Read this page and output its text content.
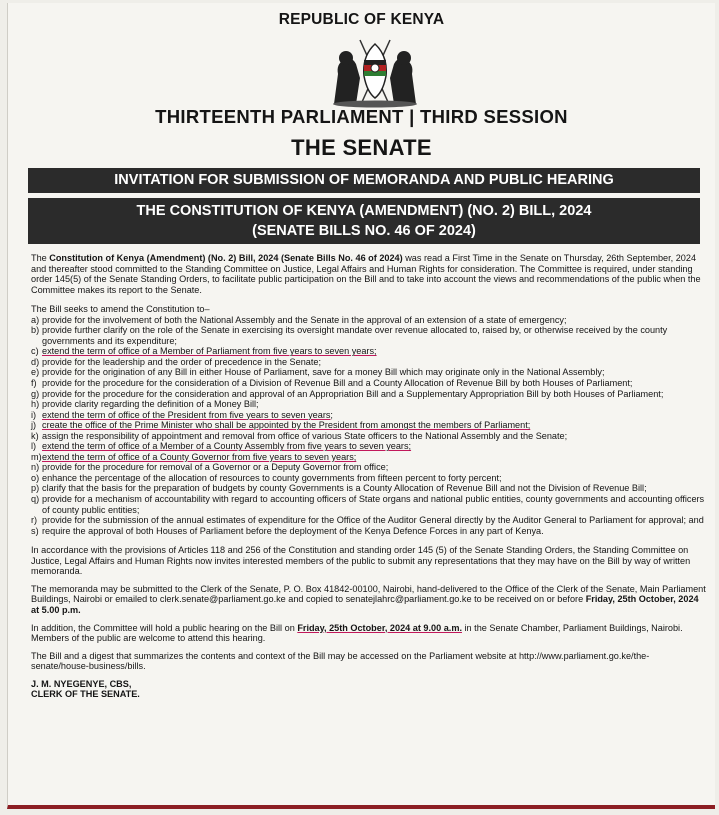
REPUBLIC OF KENYA
THIRTEENTH PARLIAMENT | THIRD SESSION
THE SENATE
INVITATION FOR SUBMISSION OF MEMORANDA AND PUBLIC HEARING
THE CONSTITUTION OF KENYA (AMENDMENT) (NO. 2) BILL, 2024
(SENATE BILLS NO. 46 OF 2024)

The Constitution of Kenya (Amendment) (No. 2) Bill, 2024 (Senate Bills No. 46 of 2024) was read a First Time in the Senate on Thursday, 26th September, 2024 and thereafter stood committed to the Standing Committee on Justice, Legal Affairs and Human Rights for consideration. The Committee is required, under standing order 145(5) of the Senate Standing Orders, to facilitate public participation on the Bill and to take into account the views and recommendations of the public when the Committee makes its report to the Senate.

The Bill seeks to amend the Constitution to–

a) provide for the involvement of both the National Assembly and the Senate in the approval of an extension of a state of emergency;
b) provide further clarify on the role of the Senate in exercising its oversight mandate over revenue allocated to, raised by, or otherwise received by the county governments and its expenditure;
c) extend the term of office of a Member of Parliament from five years to seven years;
d) provide for the leadership and the order of precedence in the Senate;
e) provide for the origination of any Bill in either House of Parliament, save for a money Bill which may originate only in the National Assembly;
f) provide for the procedure for the consideration of a Division of Revenue Bill and a County Allocation of Revenue Bill by both Houses of Parliament;
g) provide for the procedure for the consideration and approval of an Appropriation Bill and a Supplementary Appropriation Bill by both Houses of Parliament;
h) provide clarity regarding the definition of a Money Bill;
i) extend the term of office of the President from five years to seven years;
j) create the office of the Prime Minister who shall be appointed by the President from amongst the members of Parliament;
k) assign the responsibility of appointment and removal from office of various State officers to the National Assembly and the Senate;
l) extend the term of office of a Member of a County Assembly from five years to seven years;
m) extend the term of office of a County Governor from five years to seven years;
n) provide for the procedure for removal of a Governor or a Deputy Governor from office;
o) enhance the percentage of the allocation of resources to county governments from fifteen percent to forty percent;
p) clarify that the basis for the preparation of budgets by county Governments is a County Allocation of Revenue Bill and not the Division of Revenue Bill;
q) provide for a mechanism of accountability with regard to accounting officers of State organs and national public entities, county governments and accounting officers of county public entities;
r) provide for the submission of the annual estimates of expenditure for the Office of the Auditor General directly by the Auditor General to Parliament for approval; and
s) require the approval of both Houses of Parliament before the deployment of the Kenya Defence Forces in any part of Kenya.

In accordance with the provisions of Articles 118 and 256 of the Constitution and standing order 145 (5) of the Senate Standing Orders, the Standing Committee on Justice, Legal Affairs and Human Rights now invites interested members of the public to submit any representations that they may have on the Bill by way of written memoranda.

The memoranda may be submitted to the Clerk of the Senate, P. O. Box 41842-00100, Nairobi, hand-delivered to the Office of the Clerk of the Senate, Main Parliament Buildings, Nairobi or emailed to clerk.senate@parliament.go.ke and copied to senatejlahrc@parliament.go.ke to be received on or before Friday, 25th October, 2024 at 5.00 p.m.

In addition, the Committee will hold a public hearing on the Bill on Friday, 25th October, 2024 at 9.00 a.m. in the Senate Chamber, Parliament Buildings, Nairobi. Members of the public are welcome to attend this hearing.

The Bill and a digest that summarizes the contents and context of the Bill may be accessed on the Parliament website at http://www.parliament.go.ke/the-senate/house-business/bills.

J. M. NYEGENYE, CBS,
CLERK OF THE SENATE.
